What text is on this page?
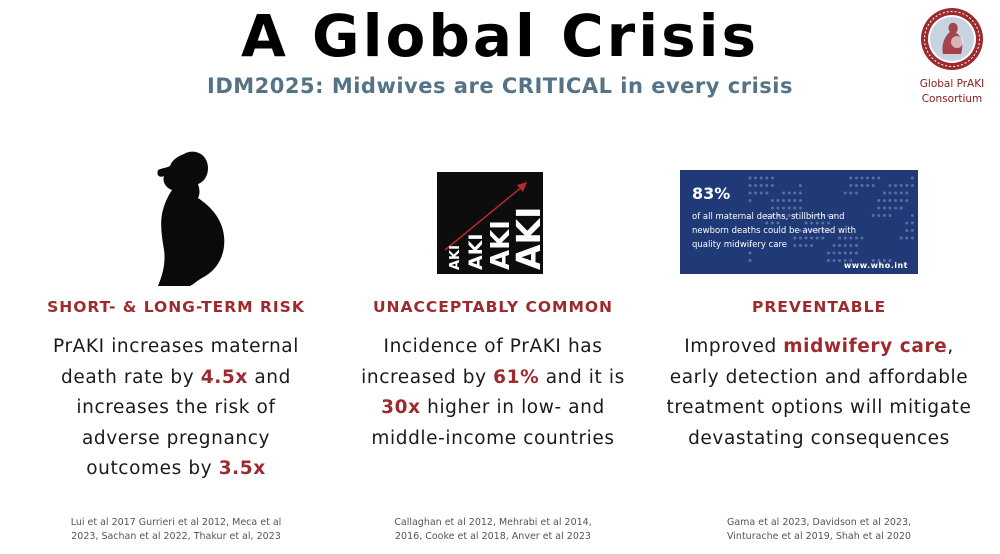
A Global Crisis
IDM2025: Midwives are CRITICAL in every crisis	Global PrAKI
Consortium
SHORT- & LONG-TERM RISK
PrAKI increases maternal death rate by 4.5x and increases the risk of adverse pregnancy outcomes by 3.5x
Lui et al 2017 Gurrieri et al 2012, Meca et al
2023, Sachan et al 2022, Thakur et al, 2023
AKI AKI AKI
AKI
UNACCEPTABLY COMMON
Incidence of PrAKI has increased by 61% and it is 30x higher in low- and middle-income countries
Callaghan et al 2012, Mehrabi et al 2014,
2016, Cooke et al 2018, Anver et al 2023
83%
of all maternal deaths, stillbirth and newborn deaths could be averted with quality midwifery care
www.who.int
PREVENTABLE
Improved midwifery care, early detection and affordable treatment options will mitigate devastating consequences
Gama et al 2023, Davidson et al 2023,
Vinturache et al 2019, Shah et al 2020
